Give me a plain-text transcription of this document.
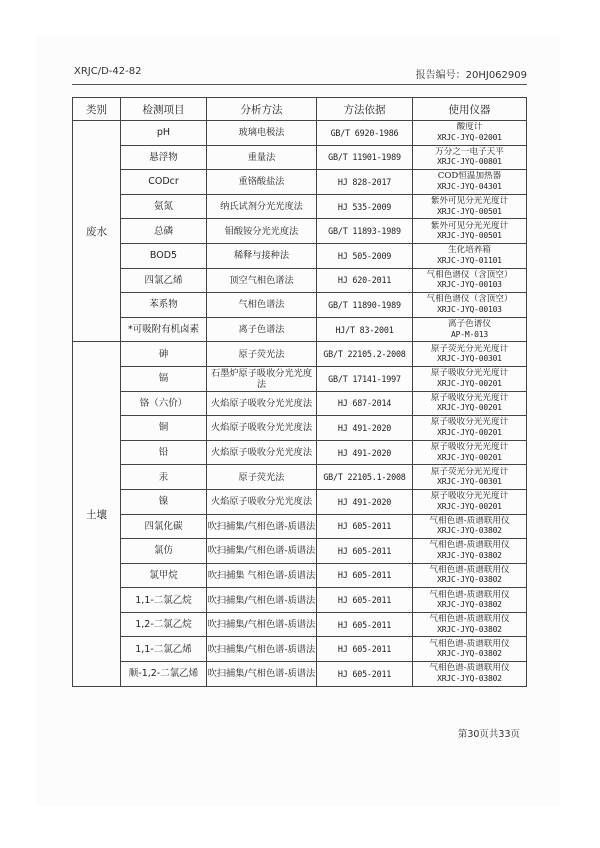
XRJC/D-42-82	报告编号：20HJ062909
类别	检测项目	分析方法	方法依据	使用仪器
废水	pH	玻璃电极法	GB/T 6920-1986	酸度计
XRJC-JYQ-02001

	悬浮物	重量法	GB/T 11901-1989	万分之一电子天平
XRJC-JYQ-00801

	CODcr	重铬酸盐法	HJ 828-2017	COD恒温加热器
XRJC-JYQ-04301

	氨氮	纳氏试剂分光光度法	HJ 535-2009	紫外可见分光光度计
XRJC-JYQ-00501

	总磷	钼酸铵分光光度法	GB/T 11893-1989	紫外可见分光光度计
XRJC-JYQ-00501

	BOD5	稀释与接种法	HJ 505-2009	生化培养箱
XRJC-JYQ-01101

	四氯乙烯	顶空气相色谱法	HJ 620-2011	气相色谱仪（含顶空）
XRJC-JYQ-00103

	苯系物	气相色谱法	GB/T 11890-1989	气相色谱仪（含顶空）
XRJC-JYQ-00103

	*可吸附有机卤素	离子色谱法	HJ/T 83-2001	离子色谱仪
AP-M-013

土壤	砷	原子荧光法	GB/T 22105.2-2008	原子荧光分光光度计
XRJC-JYQ-00301

	镉	石墨炉原子吸收分光光度法	GB/T 17141-1997	原子吸收分光光度计
XRJC-JYQ-00201

	铬（六价）	火焰原子吸收分光光度法	HJ 687-2014	原子吸收分光光度计
XRJC-JYQ-00201

	铜	火焰原子吸收分光光度法	HJ 491-2020	原子吸收分光光度计
XRJC-JYQ-00201

	铅	火焰原子吸收分光光度法	HJ 491-2020	原子吸收分光光度计
XRJC-JYQ-00201

	汞	原子荧光法	GB/T 22105.1-2008	原子荧光分光光度计
XRJC-JYQ-00301

	镍	火焰原子吸收分光光度法	HJ 491-2020	原子吸收分光光度计
XRJC-JYQ-00201

	四氯化碳	吹扫捕集/气相色谱-质谱法	HJ 605-2011	气相色谱-质谱联用仪
XRJC-JYQ-03802

	氯仿	吹扫捕集/气相色谱-质谱法	HJ 605-2011	气相色谱-质谱联用仪
XRJC-JYQ-03802

	氯甲烷	吹扫捕集 气相色谱-质谱法	HJ 605-2011	气相色谱-质谱联用仪
XRJC-JYQ-03802

	1,1-二氯乙烷	吹扫捕集/气相色谱-质谱法	HJ 605-2011	气相色谱-质谱联用仪
XRJC-JYQ-03802

	1,2-二氯乙烷	吹扫捕集/气相色谱-质谱法	HJ 605-2011	气相色谱-质谱联用仪
XRJC-JYQ-03802

	1,1-二氯乙烯	吹扫捕集/气相色谱-质谱法	HJ 605-2011	气相色谱-质谱联用仪
XRJC-JYQ-03802

	顺-1,2-二氯乙烯	吹扫捕集/气相色谱-质谱法	HJ 605-2011	气相色谱-质谱联用仪
XRJC-JYQ-03802
第30页共33页
